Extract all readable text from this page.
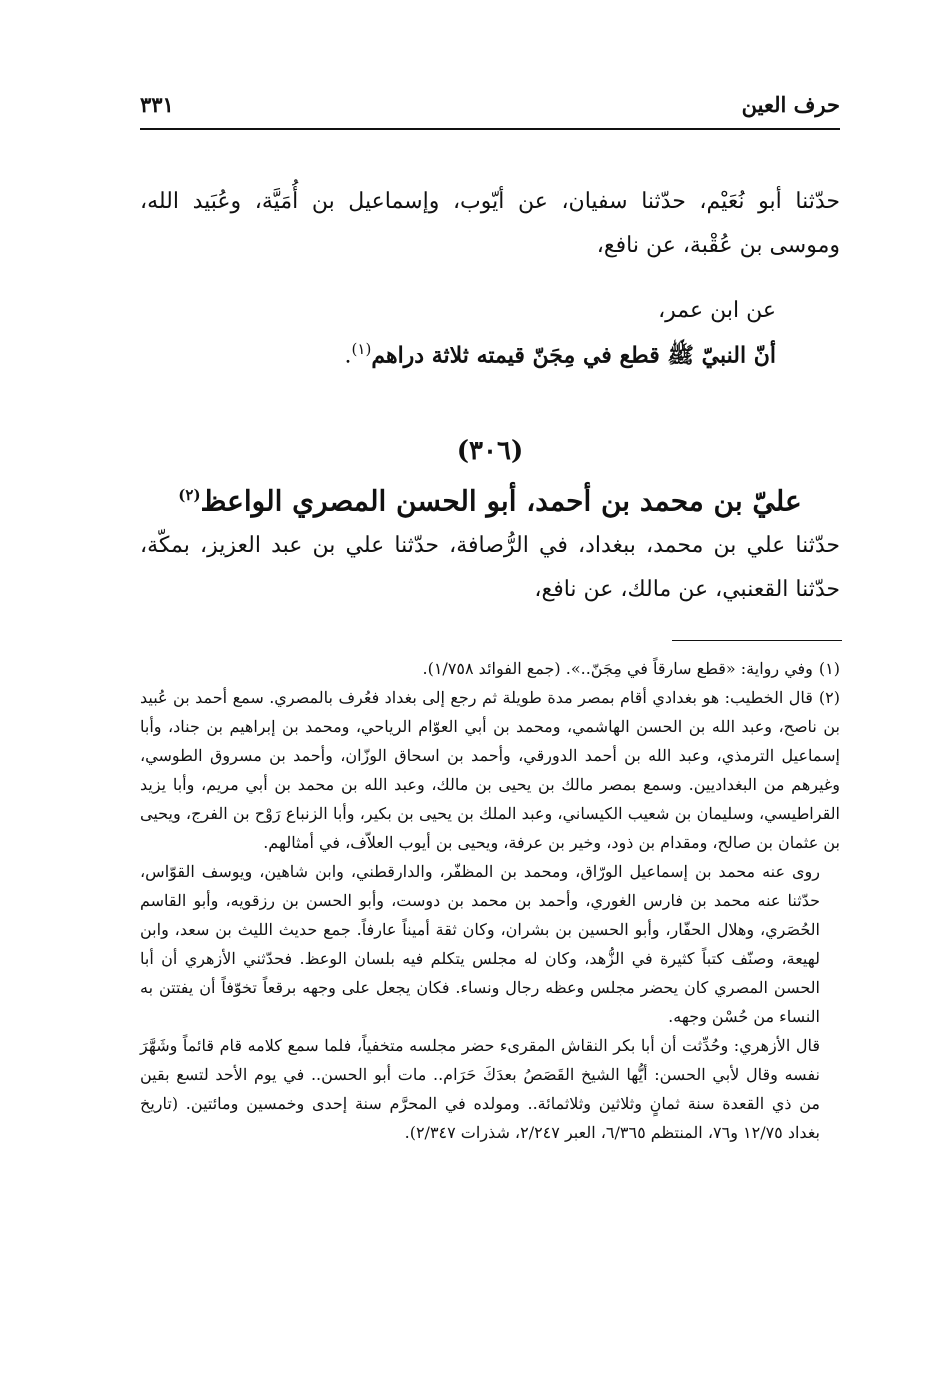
حرف العين
٣٣١

حدّثنا أبو نُعَيْم، حدّثنا سفيان، عن أيّوب، وإسماعيل بن أُمَيَّة، وعُبَيد الله، وموسى بن عُقْبة، عن نافع،

عن ابن عمر،

أنّ النبيّ ﷺ قطع في مِجَنّ قيمته ثلاثة دراهم$^{(١)}$.

(٣٠٦)
عليّ بن محمد بن أحمد، أبو الحسن المصري الواعظ$^{(٢)}$

حدّثنا علي بن محمد، ببغداد، في الرُّصافة، حدّثنا علي بن عبد العزيز، بمكّة، حدّثنا القعنبي، عن مالك، عن نافع،

(١)وفي رواية: «قطع سارقاً في مِجَنّ..». (جمع الفوائد ١/٧٥٨).

(٢)قال الخطيب: هو بغدادي أقام بمصر مدة طويلة ثم رجع إلى بغداد فعُرف بالمصري. سمع أحمد بن عُبيد بن ناصح، وعبد الله بن الحسن الهاشمي، ومحمد بن أبي العوّام الرياحي، ومحمد بن إبراهيم بن جناد، وأبا إسماعيل الترمذي، وعبد الله بن أحمد الدورقي، وأحمد بن اسحاق الوزّان، وأحمد بن مسروق الطوسي، وغيرهم من البغداديين. وسمع بمصر مالك بن يحيى بن مالك، وعبد الله بن محمد بن أبي مريم، وأبا يزيد القراطيسي، وسليمان بن شعيب الكيساني، وعبد الملك بن يحيى بن بكير، وأبا الزنباع رَوْح بن الفرج، ويحيى بن عثمان بن صالح، ومقدام بن ذود، وخير بن عرفة، ويحيى بن أيوب العلاّف، في أمثالهم.

روى عنه محمد بن إسماعيل الورّاق، ومحمد بن المظفّر، والدارقطني، وابن شاهين، ويوسف القوّاس، حدّثنا عنه محمد بن فارس الغوري، وأحمد بن محمد بن دوست، وأبو الحسن بن رزقويه، وأبو القاسم الحُصَري، وهلال الحفّار، وأبو الحسين بن بشران، وكان ثقة أميناً عارفاً. جمع حديث الليث بن سعد، وابن لهيعة، وصنّف كتباً كثيرة في الزُّهد، وكان له مجلس يتكلم فيه بلسان الوعظ. فحدّثني الأزهري أن أبا الحسن المصري كان يحضر مجلس وعظه رجال ونساء. فكان يجعل على وجهه برقعاً تخوّفاً أن يفتتن به النساء من حُسْن وجهه.

قال الأزهري: وحُدِّثت أن أبا بكر النقاش المقرىء حضر مجلسه متخفياً، فلما سمع كلامه قام قائماً وشَهَّرَ نفسه وقال لأبي الحسن: أيُّها الشيخ القَصَصُ بعدَكَ حَرَام.. مات أبو الحسن.. في يوم الأحد لتسع بقين من ذي القعدة سنة ثمانٍ وثلاثين وثلاثمائة.. ومولده في المحرَّم سنة إحدى وخمسين ومائتين. (تاريخ بغداد ١٢/٧٥ و٧٦، المنتظم ٦/٣٦٥، العبر ٢/٢٤٧، شذرات ٢/٣٤٧).
